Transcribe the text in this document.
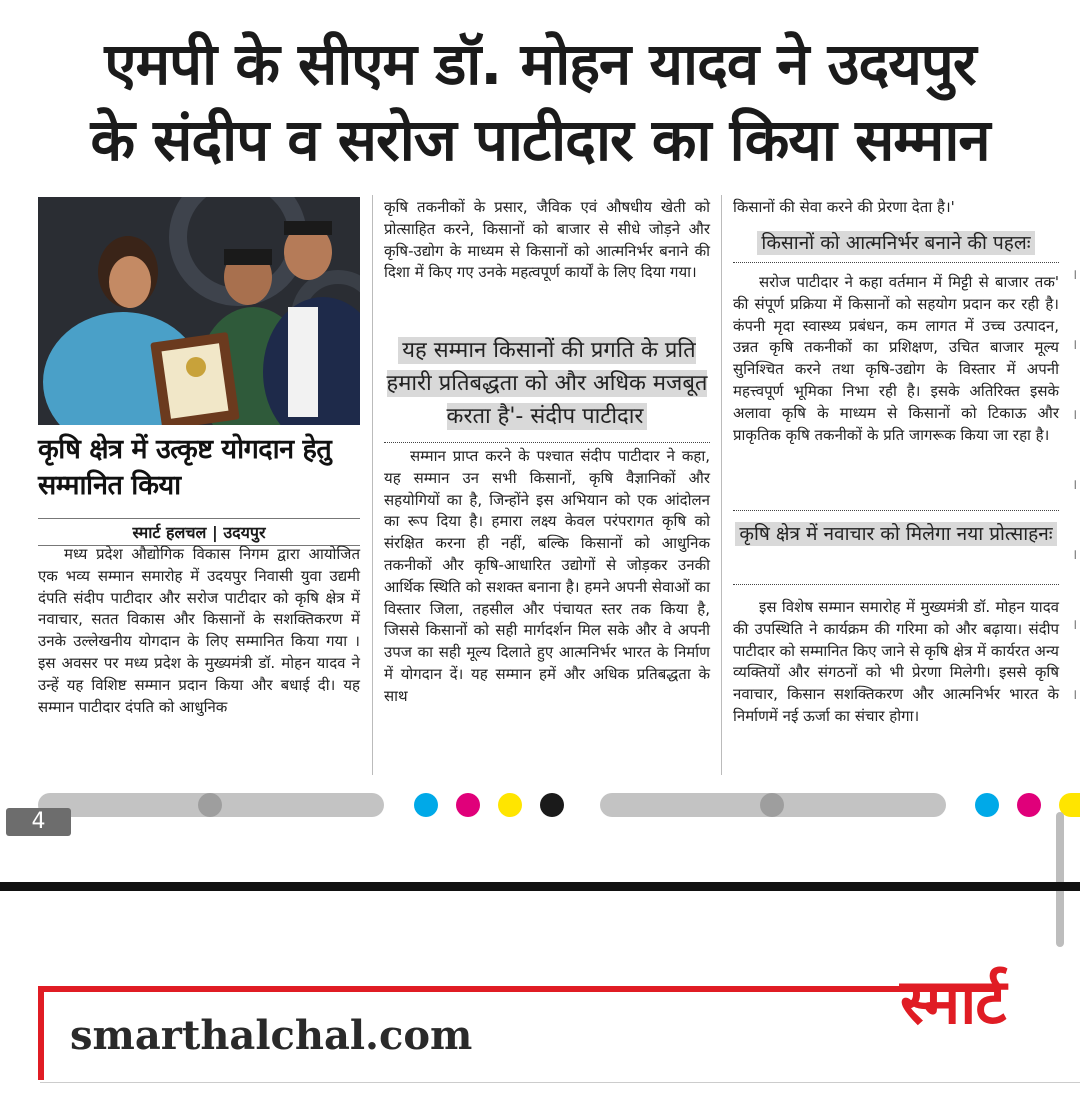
एमपी के सीएम डॉ. मोहन यादव ने उदयपुर
के संदीप व सरोज पाटीदार का किया सम्मान
कृषि क्षेत्र में उत्कृष्ट योगदान हेतु सम्मानित किया
स्मार्ट हलचल | उदयपुर

मध्य प्रदेश औद्योगिक विकास निगम द्वारा आयोजित एक भव्य सम्मान समारोह में उदयपुर निवासी युवा उद्यमी दंपति संदीप पाटीदार और सरोज पाटीदार को कृषि क्षेत्र में नवाचार, सतत विकास और किसानों के सशक्तिकरण में उनके उल्लेखनीय योगदान के लिए सम्मानित किया गया । इस अवसर पर मध्य प्रदेश के मुख्यमंत्री डॉ. मोहन यादव ने उन्हें यह विशिष्ट सम्मान प्रदान किया और बधाई दी। यह सम्मान पाटीदार दंपति को आधुनिक

कृषि तकनीकों के प्रसार, जैविक एवं औषधीय खेती को प्रोत्साहित करने, किसानों को बाजार से सीधे जोड़ने और कृषि-उद्योग के माध्यम से किसानों को आत्मनिर्भर बनाने की दिशा में किए गए उनके महत्वपूर्ण कार्यों के लिए दिया गया।

यह सम्मान किसानों की प्रगति के प्रति हमारी प्रतिबद्धता को और अधिक मजबूत करता है'- संदीप पाटीदार

सम्मान प्राप्त करने के पश्चात संदीप पाटीदार ने कहा, यह सम्मान उन सभी किसानों, कृषि वैज्ञानिकों और सहयोगियों का है, जिन्होंने इस अभियान को एक आंदोलन का रूप दिया है। हमारा लक्ष्य केवल परंपरागत कृषि को संरक्षित करना ही नहीं, बल्कि किसानों को आधुनिक तकनीकों और कृषि-आधारित उद्योगों से जोड़कर उनकी आर्थिक स्थिति को सशक्त बनाना है। हमने अपनी सेवाओं का विस्तार जिला, तहसील और पंचायत स्तर तक किया है, जिससे किसानों को सही मार्गदर्शन मिल सके और वे अपनी उपज का सही मूल्य दिलाते हुए आत्मनिर्भर भारत के निर्माण में योगदान दें। यह सम्मान हमें और अधिक प्रतिबद्धता के साथ

किसानों की सेवा करने की प्रेरणा देता है।'

किसानों को आत्मनिर्भर बनाने की पहलः

सरोज पाटीदार ने कहा वर्तमान में मिट्टी से बाजार तक' की संपूर्ण प्रक्रिया में किसानों को सहयोग प्रदान कर रही है। कंपनी मृदा स्वास्थ्य प्रबंधन, कम लागत में उच्च उत्पादन, उन्नत कृषि तकनीकों का प्रशिक्षण, उचित बाजार मूल्य सुनिश्चित करने तथा कृषि-उद्योग के विस्तार में अपनी महत्त्वपूर्ण भूमिका निभा रही है। इसके अतिरिक्त इसके अलावा कृषि के माध्यम से किसानों को टिकाऊ और प्राकृतिक कृषि तकनीकों के प्रति जागरूक किया जा रहा है।

कृषि क्षेत्र में नवाचार को मिलेगा नया प्रोत्साहनः

इस विशेष सम्मान समारोह में मुख्यमंत्री डॉ. मोहन यादव की उपस्थिति ने कार्यक्रम की गरिमा को और बढ़ाया। संदीप पाटीदार को सम्मानित किए जाने से कृषि क्षेत्र में कार्यरत अन्य व्यक्तियों और संगठनों को भी प्रेरणा मिलेगी। इससे कृषि नवाचार, किसान सशक्तिकरण और आत्मनिर्भर भारत के निर्माणमें नई ऊर्जा का संचार होगा।

।
।
।
।
।
।
।
4
smarthalchal.com	स्मार्ट
